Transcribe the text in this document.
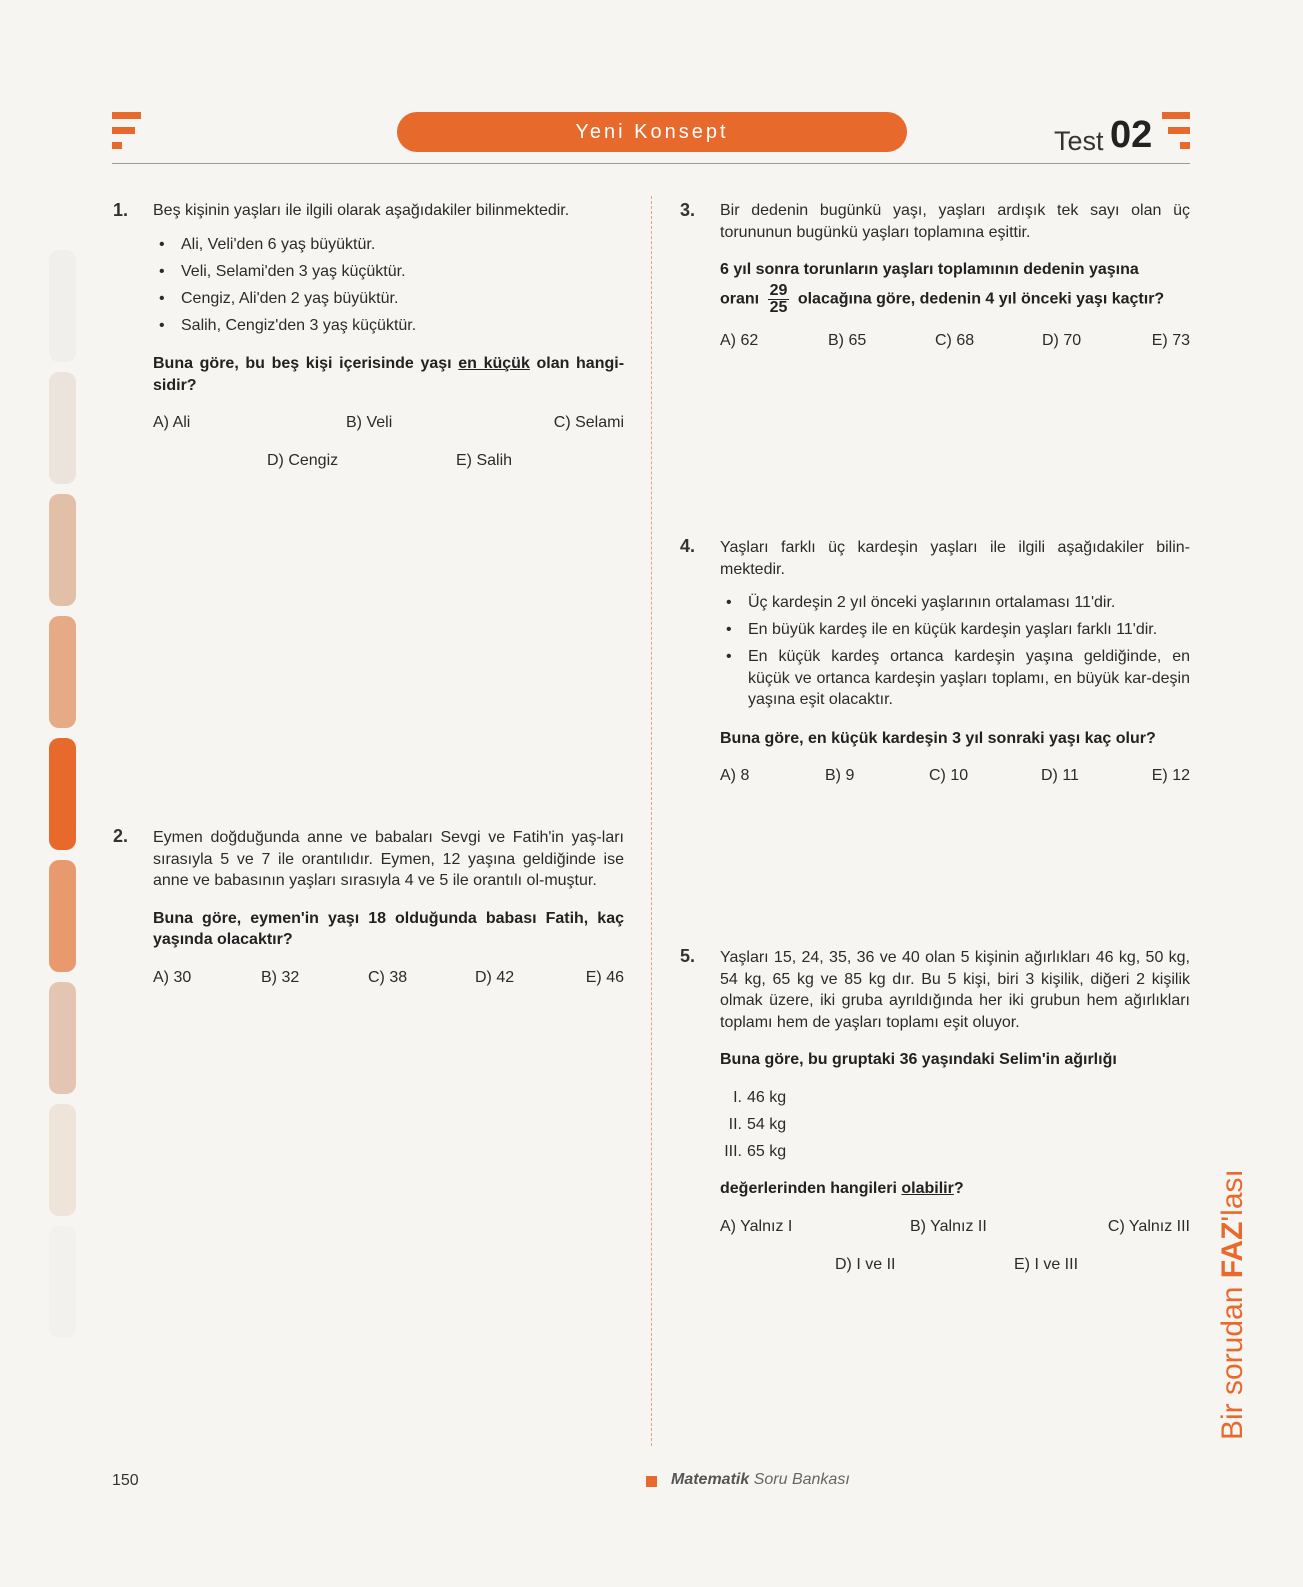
Yeni Konsept	Test 02
1. Beş kişinin yaşları ile ilgili olarak aşağıdakiler bilinmektedir.

• Ali, Veli'den 6 yaş büyüktür.
• Veli, Selami'den 3 yaş küçüktür.
• Cengiz, Ali'den 2 yaş büyüktür.
• Salih, Cengiz'den 3 yaş küçüktür.

Buna göre, bu beş kişi içerisinde yaşı en küçük olan hangi-sidir?

A) Ali	B) Veli	C) Selami
D) Cengiz	E) Salih
2. Eymen doğduğunda anne ve babaları Sevgi ve Fatih'in yaş-ları sırasıyla 5 ve 7 ile orantılıdır. Eymen, 12 yaşına geldiğinde ise anne ve babasının yaşları sırasıyla 4 ve 5 ile orantılı ol-muştur.

Buna göre, eymen'in yaşı 18 olduğunda babası Fatih, kaç yaşında olacaktır?

A) 30	B) 32	C) 38	D) 42	E) 46
3. Bir dedenin bugünkü yaşı, yaşları ardışık tek sayı olan üç torununun bugünkü yaşları toplamına eşittir.

6 yıl sonra torunların yaşları toplamının dedenin yaşına

oranı $\frac{29}{25}$ olacağına göre, dedenin 4 yıl önceki yaşı kaçtır?

A) 62	B) 65	C) 68	D) 70	E) 73
4. Yaşları farklı üç kardeşin yaşları ile ilgili aşağıdakiler bilin-mektedir.

• Üç kardeşin 2 yıl önceki yaşlarının ortalaması 11'dir.
• En büyük kardeş ile en küçük kardeşin yaşları farklı 11'dir.
• En küçük kardeş ortanca kardeşin yaşına geldiğinde, en küçük ve ortanca kardeşin yaşları toplamı, en büyük kar-deşin yaşına eşit olacaktır.

Buna göre, en küçük kardeşin 3 yıl sonraki yaşı kaç olur?

A) 8	B) 9	C) 10	D) 11	E) 12
5. Yaşları 15, 24, 35, 36 ve 40 olan 5 kişinin ağırlıkları 46 kg, 50 kg, 54 kg, 65 kg ve 85 kg dır. Bu 5 kişi, biri 3 kişilik, diğeri 2 kişilik olmak üzere, iki gruba ayrıldığında her iki grubun hem ağırlıkları toplamı hem de yaşları toplamı eşit oluyor.

Buna göre, bu gruptaki 36 yaşındaki Selim'in ağırlığı

I. 46 kg
II. 54 kg
III. 65 kg

değerlerinden hangileri olabilir?

A) Yalnız I	B) Yalnız II	C) Yalnız III
D) I ve II	E) I ve III
Bir sorudan FAZ'lası
150	Matematik Soru Bankası
